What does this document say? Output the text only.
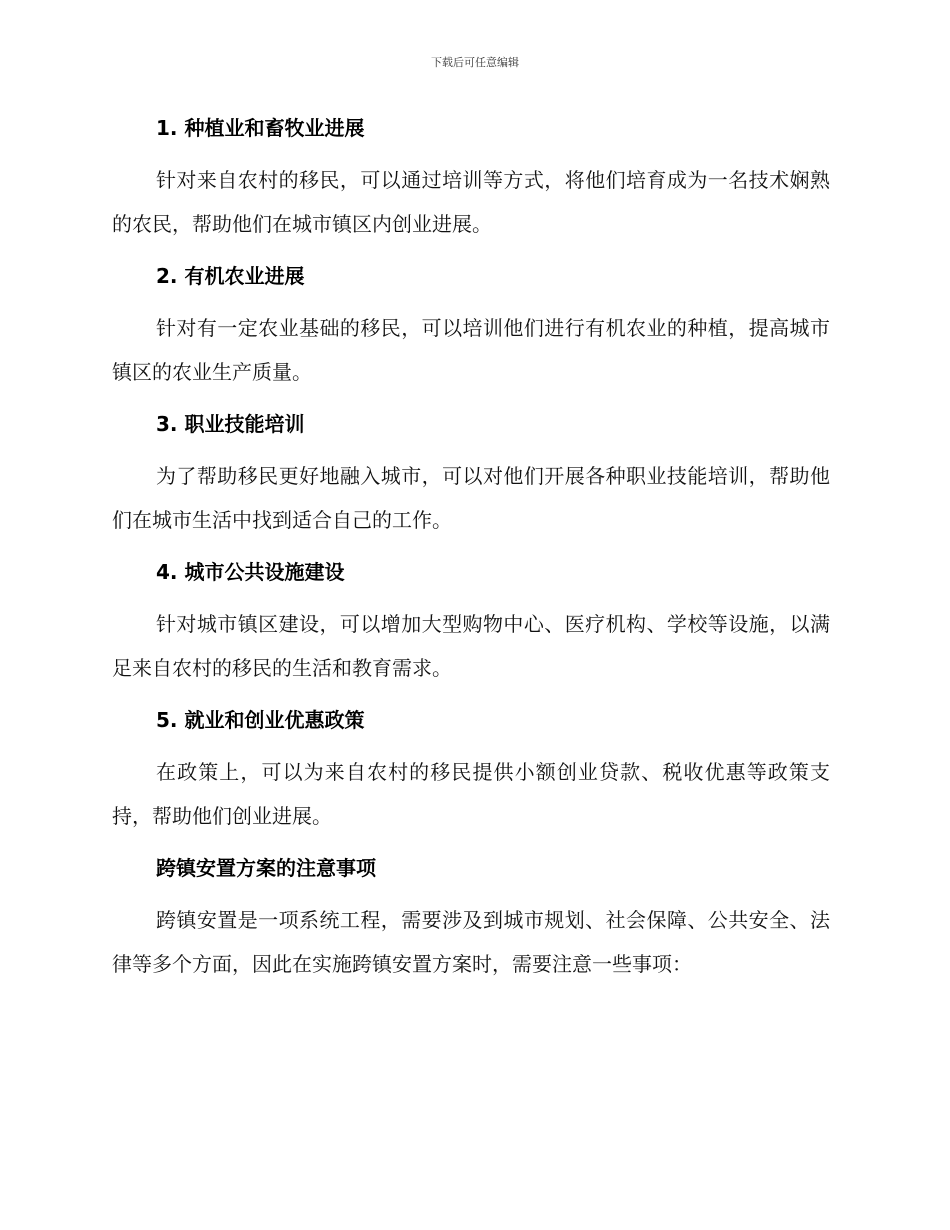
下载后可任意编辑
1. 种植业和畜牧业进展
针对来自农村的移民，可以通过培训等方式，将他们培育成为一名技术娴熟的农民，帮助他们在城市镇区内创业进展。
2. 有机农业进展
针对有一定农业基础的移民，可以培训他们进行有机农业的种植，提高城市镇区的农业生产质量。
3. 职业技能培训
为了帮助移民更好地融入城市，可以对他们开展各种职业技能培训，帮助他们在城市生活中找到适合自己的工作。
4. 城市公共设施建设
针对城市镇区建设，可以增加大型购物中心、医疗机构、学校等设施，以满足来自农村的移民的生活和教育需求。
5. 就业和创业优惠政策
在政策上，可以为来自农村的移民提供小额创业贷款、税收优惠等政策支持，帮助他们创业进展。
跨镇安置方案的注意事项
跨镇安置是一项系统工程，需要涉及到城市规划、社会保障、公共安全、法律等多个方面，因此在实施跨镇安置方案时，需要注意一些事项：
